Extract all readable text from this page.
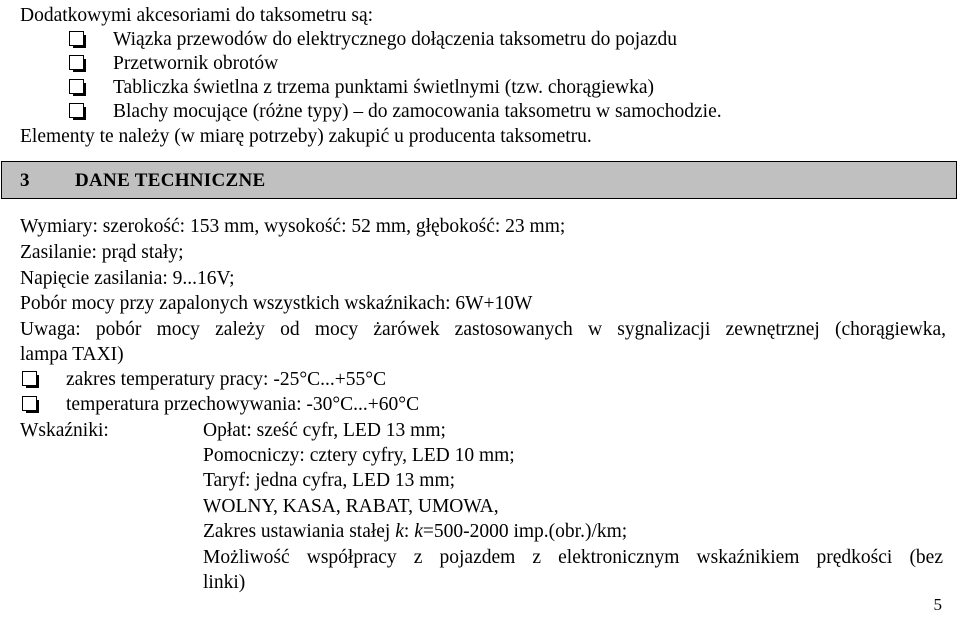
Dodatkowymi akcesoriami do taksometru są:
Wiązka przewodów do elektrycznego dołączenia taksometru do pojazdu
Przetwornik obrotów
Tabliczka świetlna z trzema punktami świetlnymi (tzw. chorągiewka)
Blachy mocujące (różne typy) – do zamocowania taksometru w samochodzie.
Elementy te należy (w miarę potrzeby) zakupić u producenta taksometru.
3 DANE TECHNICZNE
Wymiary: szerokość: 153 mm, wysokość: 52 mm, głębokość: 23 mm;
Zasilanie: prąd stały;
Napięcie zasilania: 9...16V;
Pobór mocy przy zapalonych wszystkich wskaźnikach: 6W+10W
Uwaga: pobór mocy zależy od mocy żarówek zastosowanych w sygnalizacji zewnętrznej (chorągiewka,
lampa TAXI)
zakres temperatury pracy: -25°C...+55°C
temperatura przechowywania: -30°C...+60°C
Wskaźniki:	Opłat: sześć cyfr, LED 13 mm;
Pomocniczy: cztery cyfry, LED 10 mm;
Taryf: jedna cyfra, LED 13 mm;
WOLNY, KASA, RABAT, UMOWA,
Zakres ustawiania stałej k: k=500-2000 imp.(obr.)/km;
Możliwość współpracy z pojazdem z elektronicznym wskaźnikiem prędkości (bez
linki)
5
